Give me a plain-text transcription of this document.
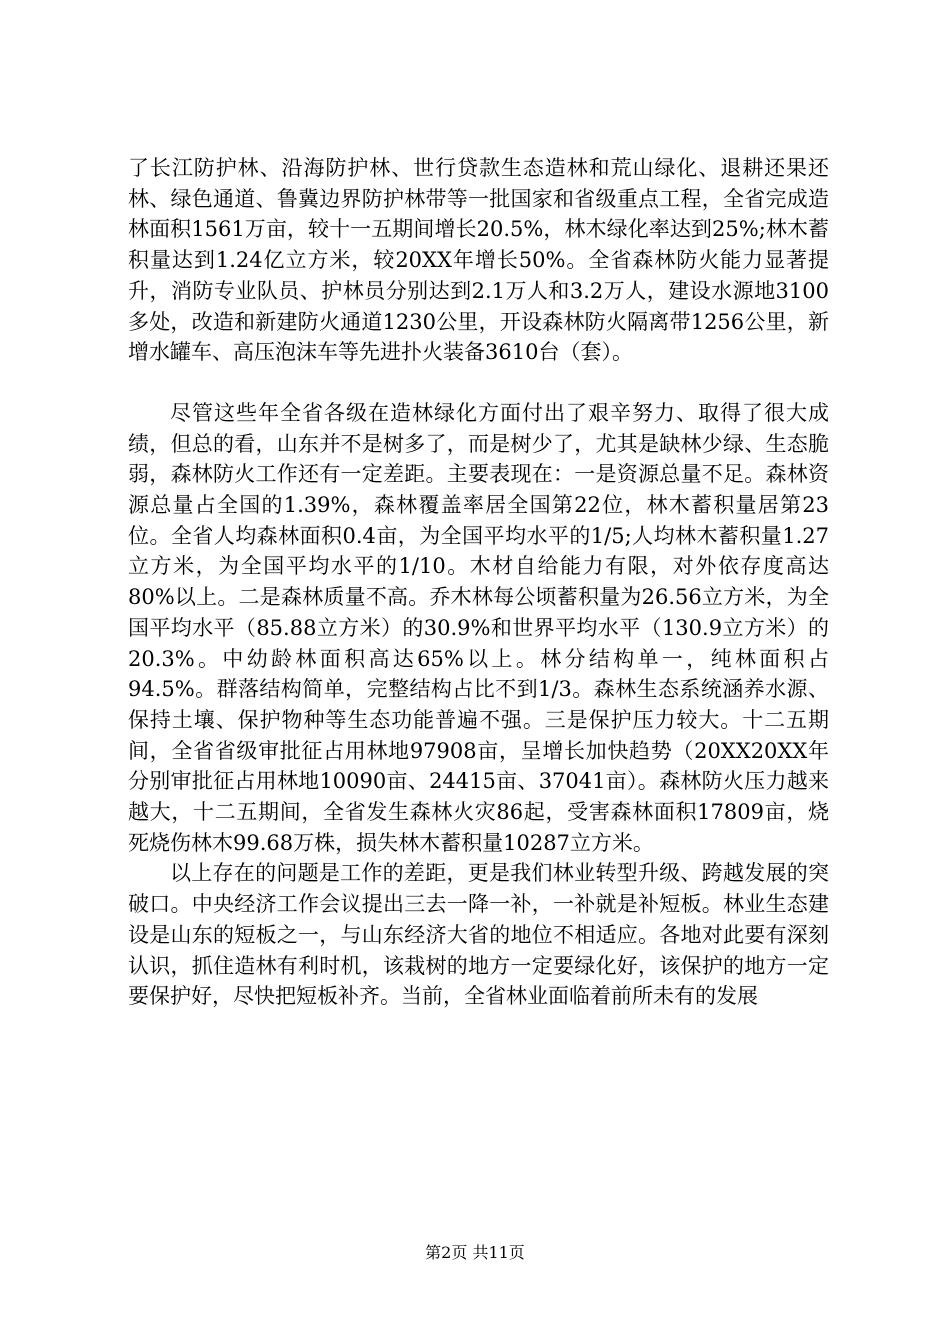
了长江防护林、沿海防护林、世行贷款生态造林和荒山绿化、退耕还果还林、绿色通道、鲁冀边界防护林带等一批国家和省级重点工程，全省完成造林面积1561万亩，较十一五期间增长20.5%，林木绿化率达到25%;林木蓄积量达到1.24亿立方米，较20XX年增长50%。全省森林防火能力显著提升，消防专业队员、护林员分别达到2.1万人和3.2万人，建设水源地3100多处，改造和新建防火通道1230公里，开设森林防火隔离带1256公里，新增水罐车、高压泡沫车等先进扑火装备3610台（套）。

尽管这些年全省各级在造林绿化方面付出了艰辛努力、取得了很大成绩，但总的看，山东并不是树多了，而是树少了，尤其是缺林少绿、生态脆弱，森林防火工作还有一定差距。主要表现在：一是资源总量不足。森林资源总量占全国的1.39%，森林覆盖率居全国第22位，林木蓄积量居第23位。全省人均森林面积0.4亩，为全国平均水平的1/5;人均林木蓄积量1.27立方米，为全国平均水平的1/10。木材自给能力有限，对外依存度高达80%以上。二是森林质量不高。乔木林每公顷蓄积量为26.56立方米，为全国平均水平（85.88立方米）的30.9%和世界平均水平（130.9立方米）的20.3%。中幼龄林面积高达65%以上。林分结构单一，纯林面积占94.5%。群落结构简单，完整结构占比不到1/3。森林生态系统涵养水源、保持土壤、保护物种等生态功能普遍不强。三是保护压力较大。十二五期间，全省省级审批征占用林地97908亩，呈增长加快趋势（20XX20XX年分别审批征占用林地10090亩、24415亩、37041亩）。森林防火压力越来越大，十二五期间，全省发生森林火灾86起，受害森林面积17809亩，烧死烧伤林木99.68万株，损失林木蓄积量10287立方米。

以上存在的问题是工作的差距，更是我们林业转型升级、跨越发展的突破口。中央经济工作会议提出三去一降一补，一补就是补短板。林业生态建设是山东的短板之一，与山东经济大省的地位不相适应。各地对此要有深刻认识，抓住造林有利时机，该栽树的地方一定要绿化好，该保护的地方一定要保护好，尽快把短板补齐。当前，全省林业面临着前所未有的发展

第2页 共11页
